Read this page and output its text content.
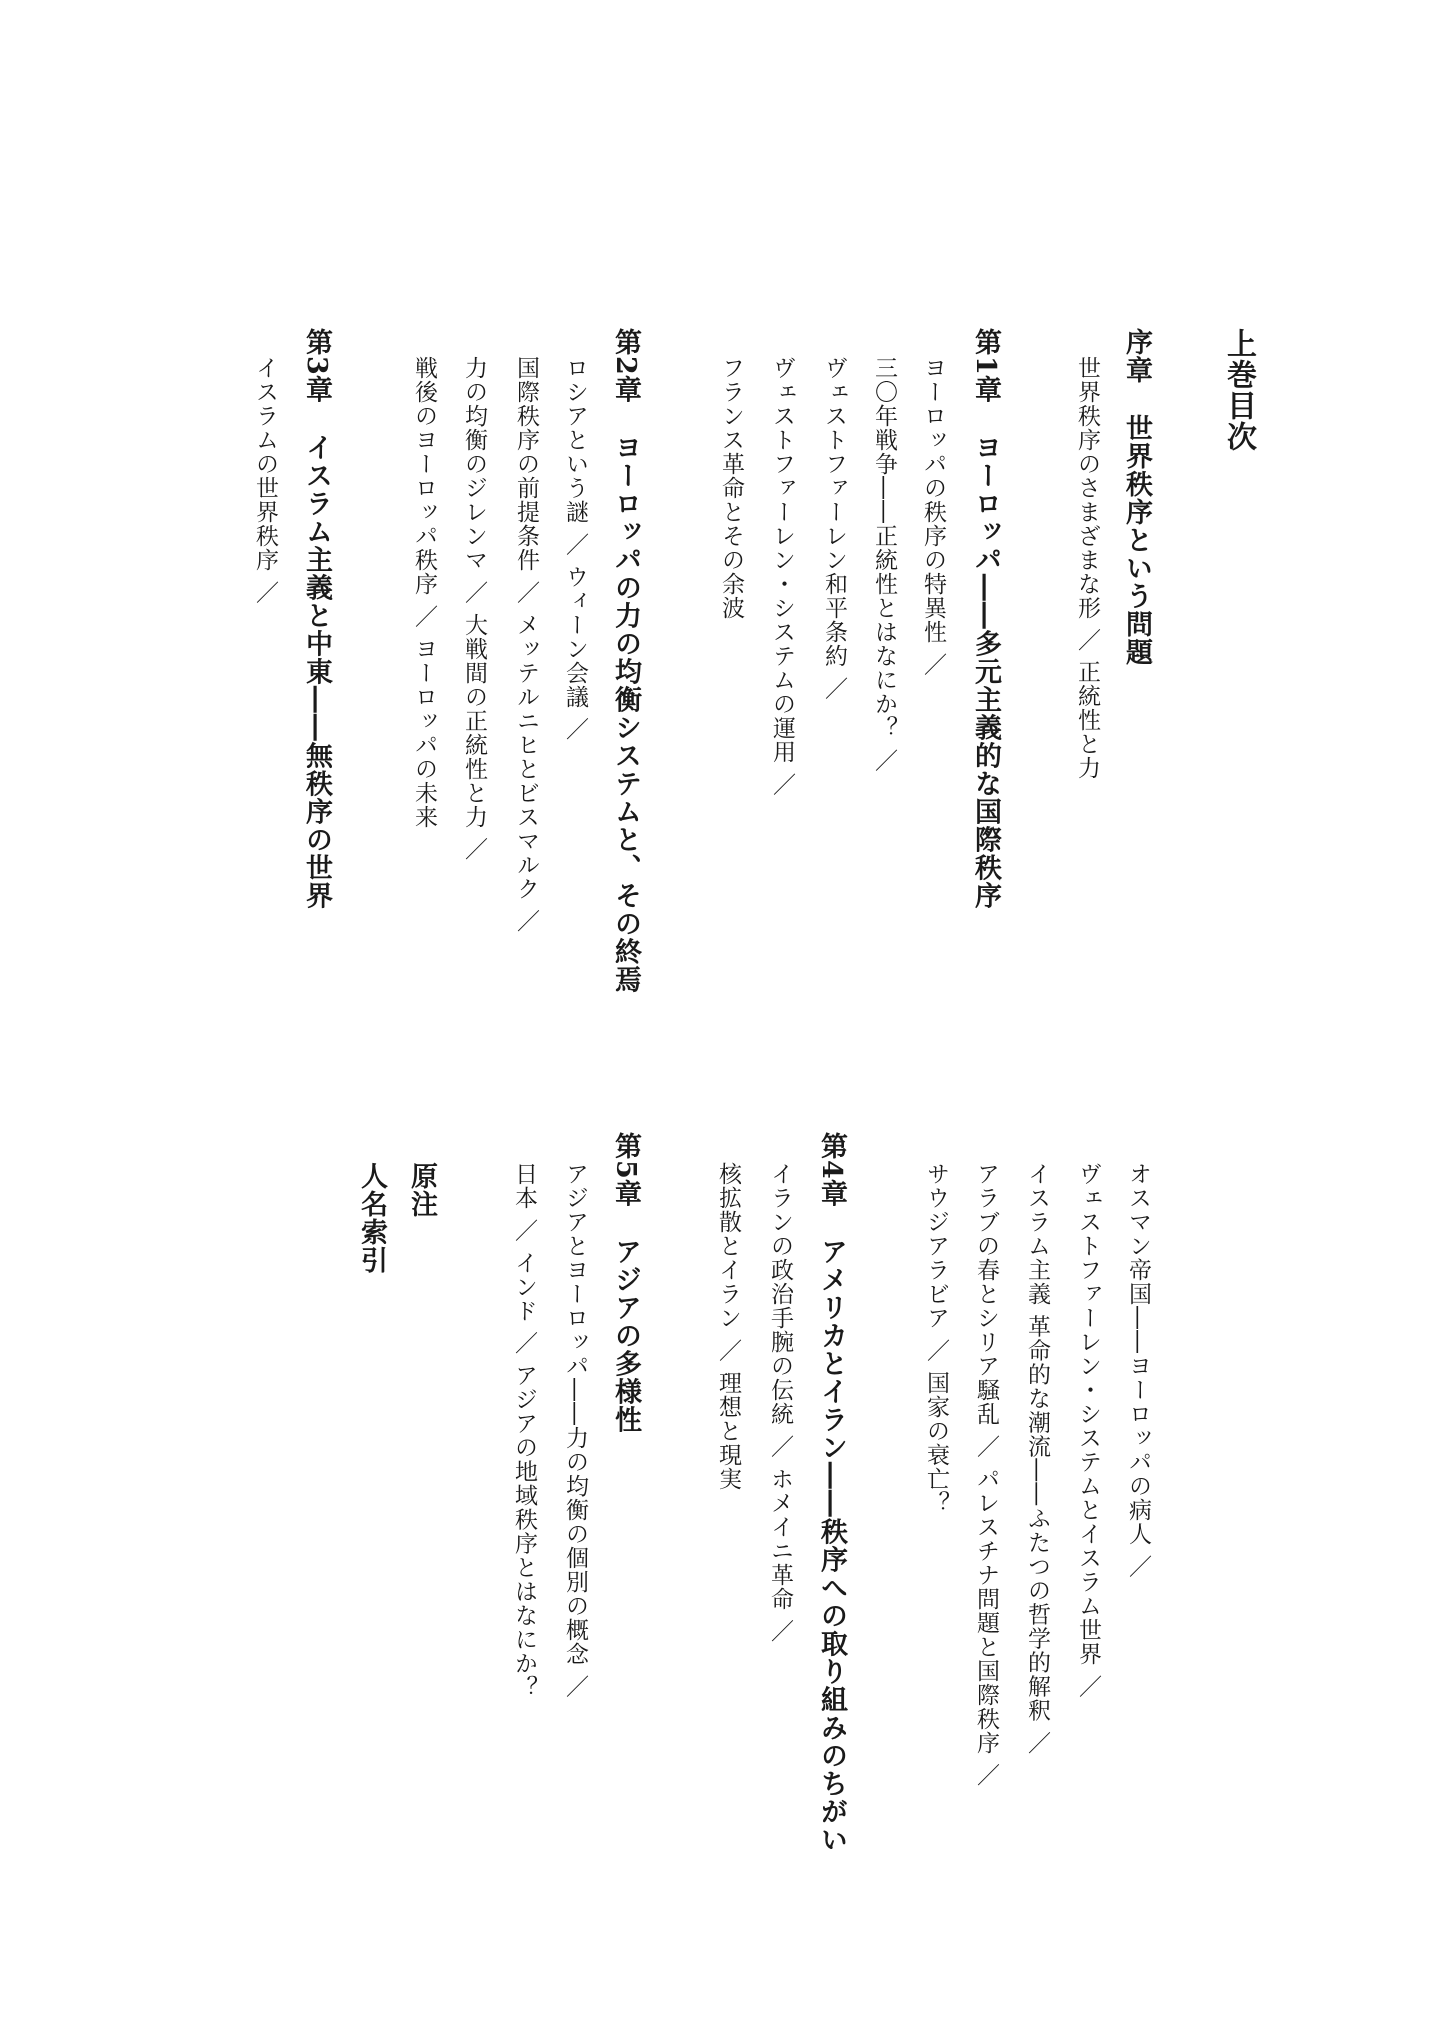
上巻目次
序章世界秩序という問題
世界秩序のさまざまな形／正統性と力
第1章ヨーロッパ――多元主義的な国際秩序
ヨーロッパの秩序の特異性 ／
三〇年戦争――正統性とはなにか？ ／
ヴェストファーレン和平条約 ／
ヴェストファーレン・システムの運用 ／
フランス革命とその余波
第2章ヨーロッパの力の均衡システムと、その終焉
ロシアという謎 ／ ウィーン会議 ／
国際秩序の前提条件 ／ メッテルニヒとビスマルク ／
力の均衡のジレンマ ／ 大戦間の正統性と力 ／
戦後のヨーロッパ秩序 ／ ヨーロッパの未来
第3章イスラム主義と中東――無秩序の世界
イスラムの世界秩序 ／
オスマン帝国――ヨーロッパの病人 ／
ヴェストファーレン・システムとイスラム世界 ／
イスラム主義 革命的な潮流――ふたつの哲学的解釈 ／
アラブの春とシリア騒乱 ／ パレスチナ問題と国際秩序 ／
サウジアラビア ／ 国家の衰亡？
第4章アメリカとイラン――秩序への取り組みのちがい
イランの政治手腕の伝統 ／ ホメイニ革命 ／
核拡散とイラン ／ 理想と現実
第5章アジアの多様性
アジアとヨーロッパ――力の均衡の個別の概念 ／
日本 ／ インド ／ アジアの地域秩序とはなにか？
原注
人名索引
